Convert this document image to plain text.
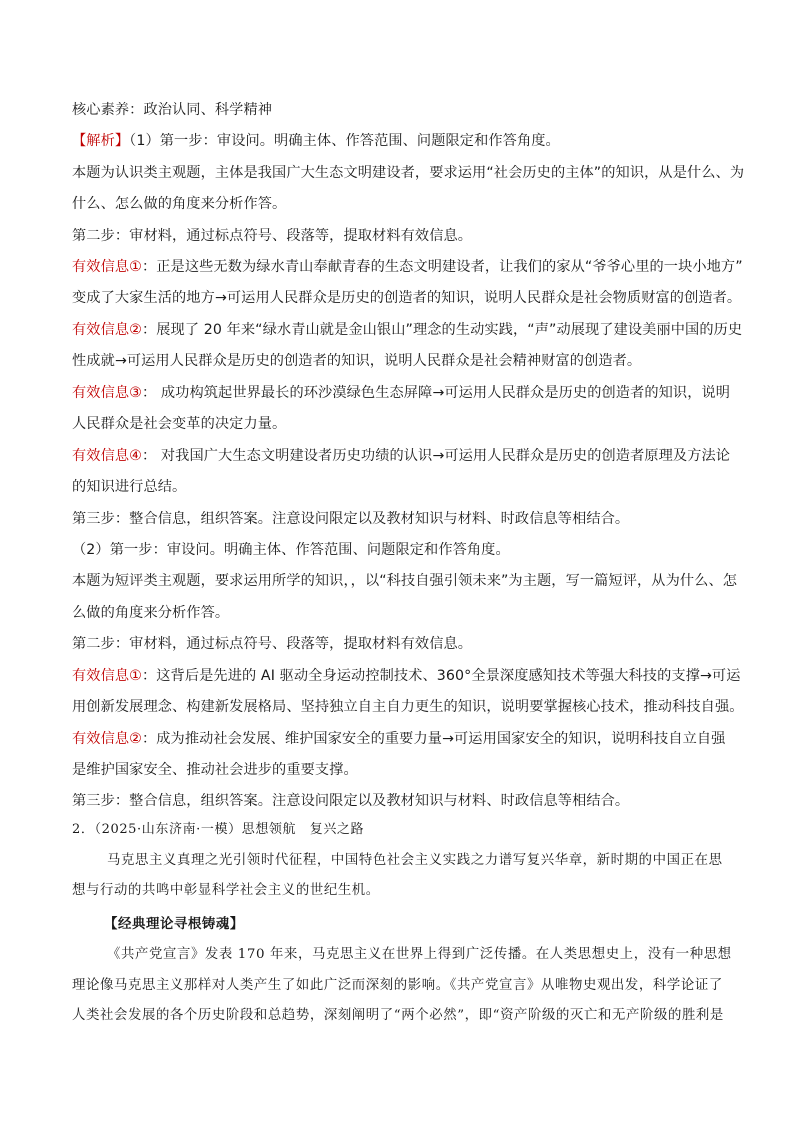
核心素养：政治认同、科学精神
【解析】（1）第一步：审设问。明确主体、作答范围、问题限定和作答角度。
本题为认识类主观题，主体是我国广大生态文明建设者，要求运用“社会历史的主体”的知识，从是什么、为
什么、怎么做的角度来分析作答。
第二步：审材料，通过标点符号、段落等，提取材料有效信息。
有效信息①：正是这些无数为绿水青山奉献青春的生态文明建设者，让我们的家从“爷爷心里的一块小地方”
变成了大家生活的地方→可运用人民群众是历史的创造者的知识，说明人民群众是社会物质财富的创造者。
有效信息②：展现了 20 年来“绿水青山就是金山银山”理念的生动实践，“声”动展现了建设美丽中国的历史
性成就→可运用人民群众是历史的创造者的知识，说明人民群众是社会精神财富的创造者。
有效信息③： 成功构筑起世界最长的环沙漠绿色生态屏障→可运用人民群众是历史的创造者的知识，说明
人民群众是社会变革的决定力量。
有效信息④： 对我国广大生态文明建设者历史功绩的认识→可运用人民群众是历史的创造者原理及方法论
的知识进行总结。
第三步：整合信息，组织答案。注意设问限定以及教材知识与材料、时政信息等相结合。
（2）第一步：审设问。明确主体、作答范围、问题限定和作答角度。
本题为短评类主观题，要求运用所学的知识，，以“科技自强引领未来”为主题，写一篇短评，从为什么、怎
么做的角度来分析作答。
第二步：审材料，通过标点符号、段落等，提取材料有效信息。
有效信息①：这背后是先进的 AI 驱动全身运动控制技术、360°全景深度感知技术等强大科技的支撑→可运
用创新发展理念、构建新发展格局、坚持独立自主自力更生的知识，说明要掌握核心技术，推动科技自强。
有效信息②：成为推动社会发展、维护国家安全的重要力量→可运用国家安全的知识，说明科技自立自强
是维护国家安全、推动社会进步的重要支撑。
第三步：整合信息，组织答案。注意设问限定以及教材知识与材料、时政信息等相结合。
2．（2025·山东济南·一模）思想领航　复兴之路
马克思主义真理之光引领时代征程，中国特色社会主义实践之力谱写复兴华章，新时期的中国正在思
想与行动的共鸣中彰显科学社会主义的世纪生机。
【经典理论寻根铸魂】
《共产党宣言》发表 170 年来，马克思主义在世界上得到广泛传播。在人类思想史上，没有一种思想
理论像马克思主义那样对人类产生了如此广泛而深刻的影响。《共产党宣言》从唯物史观出发，科学论证了
人类社会发展的各个历史阶段和总趋势，深刻阐明了“两个必然”，即“资产阶级的灭亡和无产阶级的胜利是
